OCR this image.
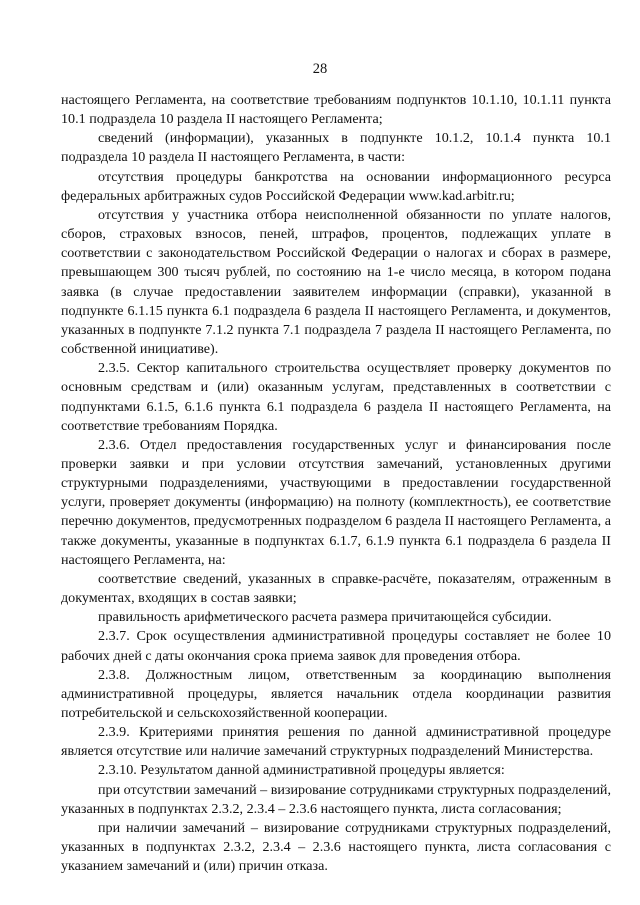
28

настоящего Регламента, на соответствие требованиям подпунктов 10.1.10, 10.1.11 пункта 10.1 подраздела 10 раздела II настоящего Регламента;

сведений (информации), указанных в подпункте 10.1.2, 10.1.4 пункта 10.1 подраздела 10 раздела II настоящего Регламента, в части:

отсутствия процедуры банкротства на основании информационного ресурса федеральных арбитражных судов Российской Федерации www.kad.arbitr.ru;

отсутствия у участника отбора неисполненной обязанности по уплате налогов, сборов, страховых взносов, пеней, штрафов, процентов, подлежащих уплате в соответствии с законодательством Российской Федерации о налогах и сборах в размере, превышающем 300 тысяч рублей, по состоянию на 1-е число месяца, в котором подана заявка (в случае предоставлении заявителем информации (справки), указанной в подпункте 6.1.15 пункта 6.1 подраздела 6 раздела II настоящего Регламента, и документов, указанных в подпункте 7.1.2 пункта 7.1 подраздела 7 раздела II настоящего Регламента, по собственной инициативе).

2.3.5. Сектор капитального строительства осуществляет проверку документов по основным средствам и (или) оказанным услугам, представленных в соответствии с подпунктами 6.1.5, 6.1.6 пункта 6.1 подраздела 6 раздела II настоящего Регламента, на соответствие требованиям Порядка.

2.3.6. Отдел предоставления государственных услуг и финансирования после проверки заявки и при условии отсутствия замечаний, установленных другими структурными подразделениями, участвующими в предоставлении государственной услуги, проверяет документы (информацию) на полноту (комплектность), ее соответствие перечню документов, предусмотренных подразделом 6 раздела II настоящего Регламента, а также документы, указанные в подпунктах 6.1.7, 6.1.9 пункта 6.1 подраздела 6 раздела II настоящего Регламента, на:

соответствие сведений, указанных в справке-расчёте, показателям, отраженным в документах, входящих в состав заявки;

правильность арифметического расчета размера причитающейся субсидии.

2.3.7. Срок осуществления административной процедуры составляет не более 10 рабочих дней с даты окончания срока приема заявок для проведения отбора.

2.3.8. Должностным лицом, ответственным за координацию выполнения административной процедуры, является начальник отдела координации развития потребительской и сельскохозяйственной кооперации.

2.3.9. Критериями принятия решения по данной административной процедуре является отсутствие или наличие замечаний структурных подразделений Министерства.

2.3.10. Результатом данной административной процедуры является:

при отсутствии замечаний – визирование сотрудниками структурных подразделений, указанных в подпунктах 2.3.2, 2.3.4 – 2.3.6 настоящего пункта, листа согласования;

при наличии замечаний – визирование сотрудниками структурных подразделений, указанных в подпунктах 2.3.2, 2.3.4 – 2.3.6 настоящего пункта, листа согласования с указанием замечаний и (или) причин отказа.
